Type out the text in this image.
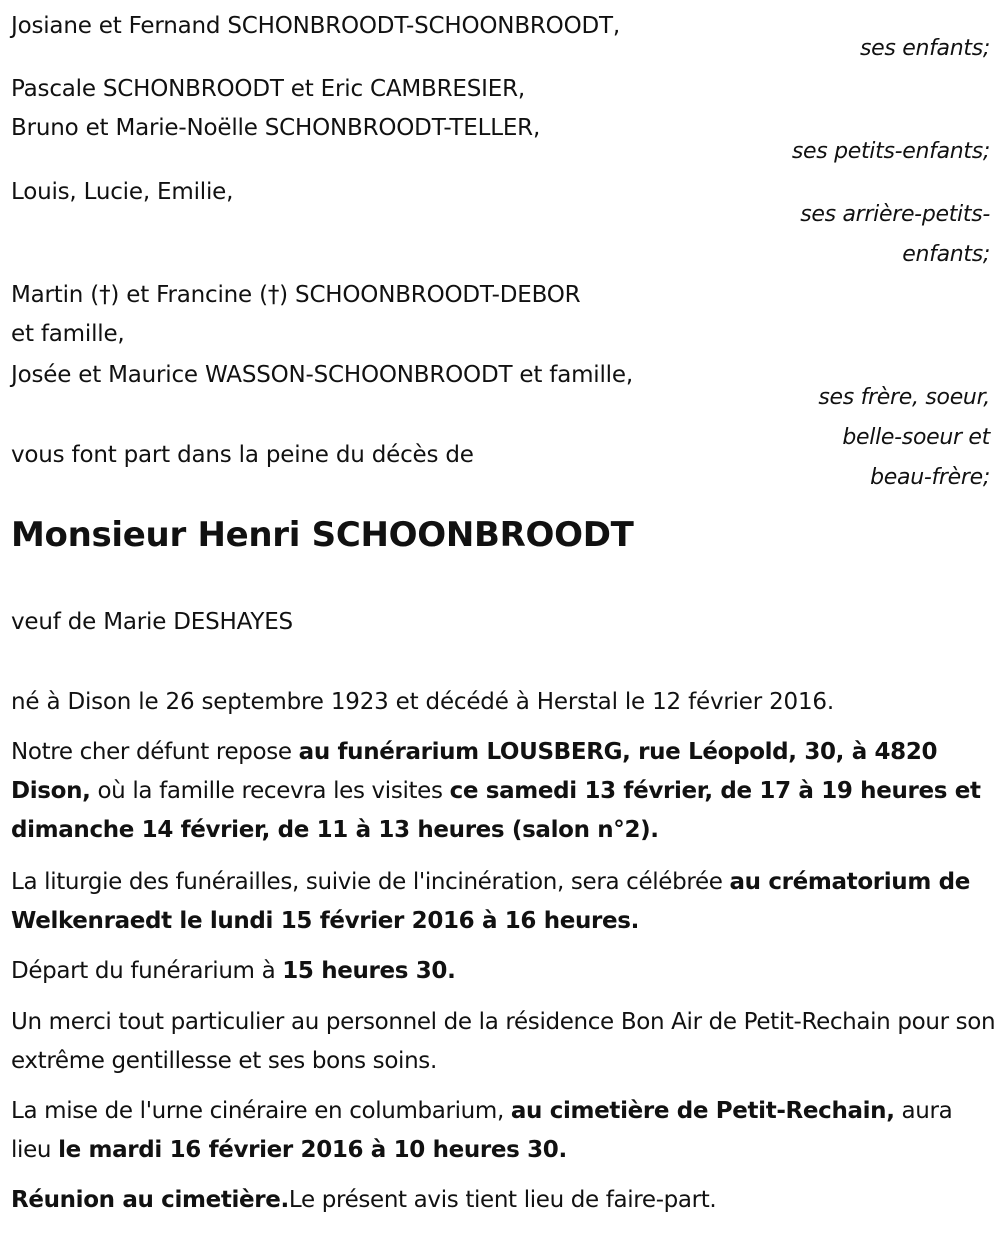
Josiane et Fernand SCHONBROODT-SCHOONBROODT,
ses enfants;
Pascale SCHONBROODT et Eric CAMBRESIER,
Bruno et Marie-Noëlle SCHONBROODT-TELLER,
ses petits-enfants;
Louis, Lucie, Emilie,
ses arrière-petits-
enfants;
Martin (†) et Francine (†) SCHOONBROODT-DEBOR
et famille,
Josée et Maurice WASSON-SCHOONBROODT et famille,
ses frère, soeur,
belle-soeur et
beau-frère;
vous font part dans la peine du décès de
Monsieur Henri SCHOONBROODT
veuf de Marie DESHAYES
né à Dison le 26 septembre 1923 et décédé à Herstal le 12 février 2016.
Notre cher défunt repose au funérarium LOUSBERG, rue Léopold, 30, à 4820 Dison, où la famille recevra les visites ce samedi 13 février, de 17 à 19 heures et dimanche 14 février, de 11 à 13 heures (salon n°2).
La liturgie des funérailles, suivie de l'incinération, sera célébrée au crématorium de Welkenraedt le lundi 15 février 2016 à 16 heures.
Départ du funérarium à 15 heures 30.
Un merci tout particulier au personnel de la résidence Bon Air de Petit-Rechain pour son extrême gentillesse et ses bons soins.
La mise de l'urne cinéraire en columbarium, au cimetière de Petit-Rechain, aura lieu le mardi 16 février 2016 à 10 heures 30.
Réunion au cimetière.Le présent avis tient lieu de faire-part.
